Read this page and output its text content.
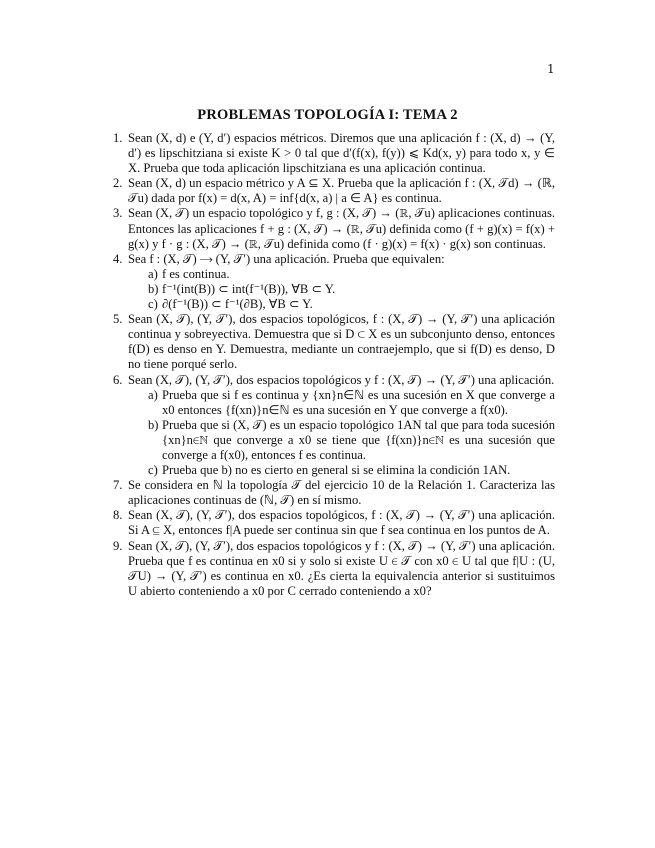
1
PROBLEMAS TOPOLOGÍA I: TEMA 2
1. Sean (X, d) e (Y, d′) espacios métricos. Diremos que una aplicación f : (X, d) → (Y, d′) es lipschitziana si existe K > 0 tal que d′(f(x), f(y)) ⩽ Kd(x, y) para todo x, y ∈ X. Prueba que toda aplicación lipschitziana es una aplicación continua.
2. Sean (X, d) un espacio métrico y A ⊆ X. Prueba que la aplicación f : (X, 𝒯d) → (ℝ, 𝒯u) dada por f(x) = d(x, A) = inf{d(x, a) | a ∈ A} es continua.
3. Sean (X, 𝒯) un espacio topológico y f, g : (X, 𝒯) → (ℝ, 𝒯u) aplicaciones continuas. Entonces las aplicaciones f + g : (X, 𝒯) → (ℝ, 𝒯u) definida como (f + g)(x) = f(x) + g(x) y f · g : (X, 𝒯) → (ℝ, 𝒯u) definida como (f · g)(x) = f(x) · g(x) son continuas.
4. Sea f : (X, 𝒯) ⟶ (Y, 𝒯′) una aplicación. Prueba que equivalen:
a) f es continua.
b) f⁻¹(int(B)) ⊂ int(f⁻¹(B)), ∀B ⊂ Y.
c) ∂(f⁻¹(B)) ⊂ f⁻¹(∂B), ∀B ⊂ Y.
5. Sean (X, 𝒯), (Y, 𝒯′), dos espacios topológicos, f : (X, 𝒯) → (Y, 𝒯′) una aplicación continua y sobreyectiva. Demuestra que si D ⊂ X es un subconjunto denso, entonces f(D) es denso en Y. Demuestra, mediante un contraejemplo, que si f(D) es denso, D no tiene porqué serlo.
6. Sean (X, 𝒯), (Y, 𝒯′), dos espacios topológicos y f : (X, 𝒯) → (Y, 𝒯′) una aplicación.
a) Prueba que si f es continua y {xn}n∈ℕ es una sucesión en X que converge a x0 entonces {f(xn)}n∈ℕ es una sucesión en Y que converge a f(x0).
b) Prueba que si (X, 𝒯) es un espacio topológico 1AN tal que para toda sucesión {xn}n∈ℕ que converge a x0 se tiene que {f(xn)}n∈ℕ es una sucesión que converge a f(x0), entonces f es continua.
c) Prueba que b) no es cierto en general si se elimina la condición 1AN.
7. Se considera en ℕ la topología 𝒯 del ejercicio 10 de la Relación 1. Caracteriza las aplicaciones continuas de (ℕ, 𝒯) en sí mismo.
8. Sean (X, 𝒯), (Y, 𝒯′), dos espacios topológicos, f : (X, 𝒯) → (Y, 𝒯′) una aplicación. Si A ⊆ X, entonces f|A puede ser continua sin que f sea continua en los puntos de A.
9. Sean (X, 𝒯), (Y, 𝒯′), dos espacios topológicos y f : (X, 𝒯) → (Y, 𝒯′) una aplicación. Prueba que f es continua en x0 si y solo si existe U ∈ 𝒯 con x0 ∈ U tal que f|U : (U, 𝒯U) → (Y, 𝒯′) es continua en x0. ¿Es cierta la equivalencia anterior si sustituimos U abierto conteniendo a x0 por C cerrado conteniendo a x0?
